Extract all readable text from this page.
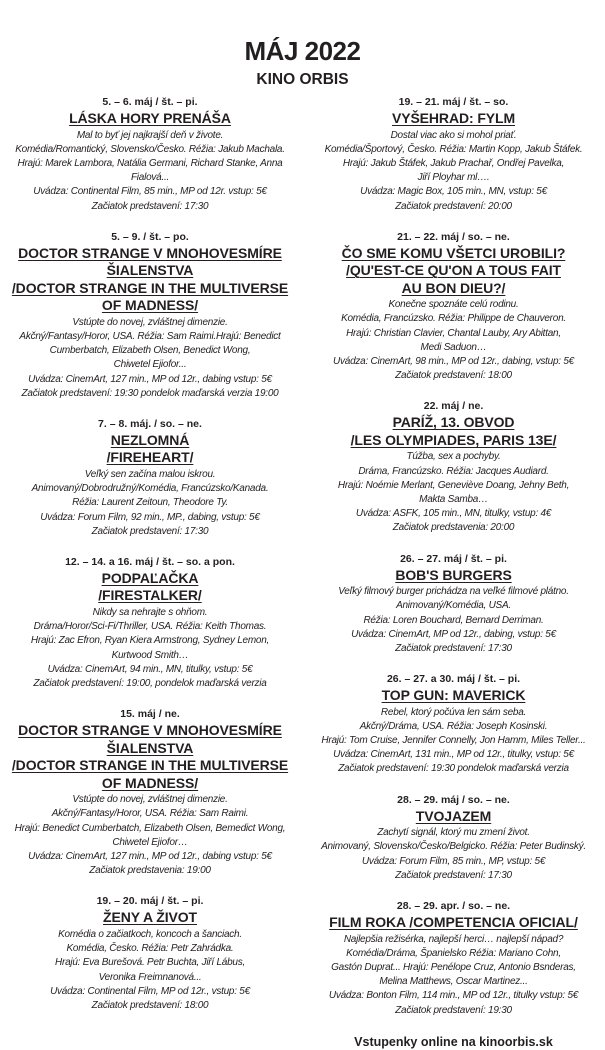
MÁJ 2022
KINO ORBIS
5. – 6. máj / št. – pi.
LÁSKA HORY PRENÁŠA
Mal to byť jej najkrajší deň v živote.
Komédia/Romantický, Slovensko/Česko. Réžia: Jakub Machala.
Hrajú: Marek Lambora, Natália Germani, Richard Stanke, Anna
Fialová...
Uvádza: Continental Film, 85 min., MP od 12r. vstup: 5€
Začiatok predstavení: 17:30
5. – 9. / št. – po.
DOCTOR STRANGE V MNOHOVESMÍRE
ŠIALENSTVA
/DOCTOR STRANGE IN THE MULTIVERSE
OF MADNESS/
Vstúpte do novej, zvláštnej dimenzie.
Akčný/Fantasy/Horor, USA. Réžia: Sam Raimi.Hrajú: Benedict
Cumberbatch, Elizabeth Olsen, Benedict Wong,
Chiwetel Ejiofor...
Uvádza: CinemArt, 127 min., MP od 12r., dabing vstup: 5€
Začiatok predstavení: 19:30 pondelok maďarská verzia 19:00
7. – 8. máj. / so. – ne.
NEZLOMNÁ
/FIREHEART/
Veľký sen začína malou iskrou.
Animovaný/Dobrodružný/Komédia, Francúzsko/Kanada.
Réžia: Laurent Zeitoun, Theodore Ty.
Uvádza: Forum Film, 92 min., MP., dabing, vstup: 5€
Začiatok predstavení: 17:30
12. – 14. a 16. máj / št. – so. a pon.
PODPAĽAČKA
/FIRESTALKER/
Nikdy sa nehrajte s ohňom.
Dráma/Horor/Sci-Fi/Thriller, USA. Réžia: Keith Thomas.
Hrajú: Zac Efron, Ryan Kiera Armstrong, Sydney Lemon,
Kurtwood Smith…
Uvádza: CinemArt, 94 min., MN, titulky, vstup: 5€
Začiatok predstavení: 19:00, pondelok maďarská verzia
15. máj / ne.
DOCTOR STRANGE V MNOHOVESMÍRE
ŠIALENSTVA
/DOCTOR STRANGE IN THE MULTIVERSE
OF MADNESS/
Vstúpte do novej, zvláštnej dimenzie.
Akčný/Fantasy/Horor, USA. Réžia: Sam Raimi.
Hrajú: Benedict Cumberbatch, Elizabeth Olsen, Bemedict Wong,
Chiwetel Ejiofor…
Uvádza: CinemArt, 127 min., MP od 12r., dabing vstup: 5€
Začiatok predstavenia: 19:00
19. – 20. máj / št. – pi.
ŽENY A ŽIVOT
Komédia o začiatkoch, koncoch a šanciach.
Komédia, Česko. Réžia: Petr Zahrádka.
Hrajú: Eva Burešová. Petr Buchta, Jiří Lábus,
Veronika Freimnanová...
Uvádza: Continental Film, MP od 12r., vstup: 5€
Začiatok predstavení: 18:00
19. – 21. máj / št. – so.
VYŠEHRAD: FYLM
Dostal viac ako si mohol priať.
Komédia/Športový, Česko. Réžia: Martin Kopp, Jakub Štáfek.
Hrajú: Jakub Štáfek, Jakub Prachař, Ondřej Pavelka,
Jiří Ployhar ml….
Uvádza: Magic Box, 105 min., MN, vstup: 5€
Začiatok predstavení: 20:00
21. – 22. máj / so. – ne.
ČO SME KOMU VŠETCI UROBILI?
/QU'EST-CE QU'ON A TOUS FAIT
AU BON DIEU?/
Konečne spoznáte celú rodinu.
Komédia, Francúzsko. Réžia: Philippe de Chauveron.
Hrajú: Christian Clavier, Chantal Lauby, Ary Abittan,
Medi Saduon…
Uvádza: CinemArt, 98 min., MP od 12r., dabing, vstup: 5€
Začiatok predstavení: 18:00
22. máj / ne.
PARÍŽ, 13. OBVOD
/LES OLYMPIADES, PARIS 13E/
Túžba, sex a pochyby.
Dráma, Francúzsko. Réžia: Jacques Audiard.
Hrajú: Noémie Merlant, Geneviève Doang, Jehny Beth,
Makta Samba…
Uvádza: ASFK, 105 min., MN, titulky, vstup: 4€
Začiatok predstavenia: 20:00
26. – 27. máj / št. – pi.
BOB'S BURGERS
Veľký filmový burger prichádza na veľké filmové plátno.
Animovaný/Komédia, USA.
Réžia: Loren Bouchard, Bernard Derriman.
Uvádza: CinemArt, MP od 12r., dabing, vstup: 5€
Začiatok predstavení: 17:30
26. – 27. a 30. máj / št. – pi.
TOP GUN: MAVERICK
Rebel, ktorý počúva len sám seba.
Akčný/Dráma, USA. Réžia: Joseph Kosinski.
Hrajú: Tom Cruise, Jennifer Connelly, Jon Hamm, Miles Teller...
Uvádza: CinemArt, 131 min., MP od 12r., titulky, vstup: 5€
Začiatok predstavení: 19:30 pondelok maďarská verzia
28. – 29. máj / so. – ne.
TVOJAZEM
Zachytí signál, ktorý mu zmení život.
Animovaný, Slovensko/Česko/Belgicko. Réžia: Peter Budinský.
Uvádza: Forum Film, 85 min., MP, vstup: 5€
Začiatok predstavení: 17:30
28. – 29. apr. / so. – ne.
FILM ROKA /COMPETENCIA OFICIAL/
Najlepšia režisérka, najlepší herci… najlepší nápad?
Komédia/Dráma, Španielsko Réžia: Mariano Cohn,
Gastón Duprat... Hrajú: Penélope Cruz, Antonio Bsnderas,
Melina Matthews, Oscar Martinez...
Uvádza: Bonton Film, 114 min., MP od 12r., titulky vstup: 5€
Začiatok predstavení: 19:30
Vstupenky online na kinoorbis.sk
